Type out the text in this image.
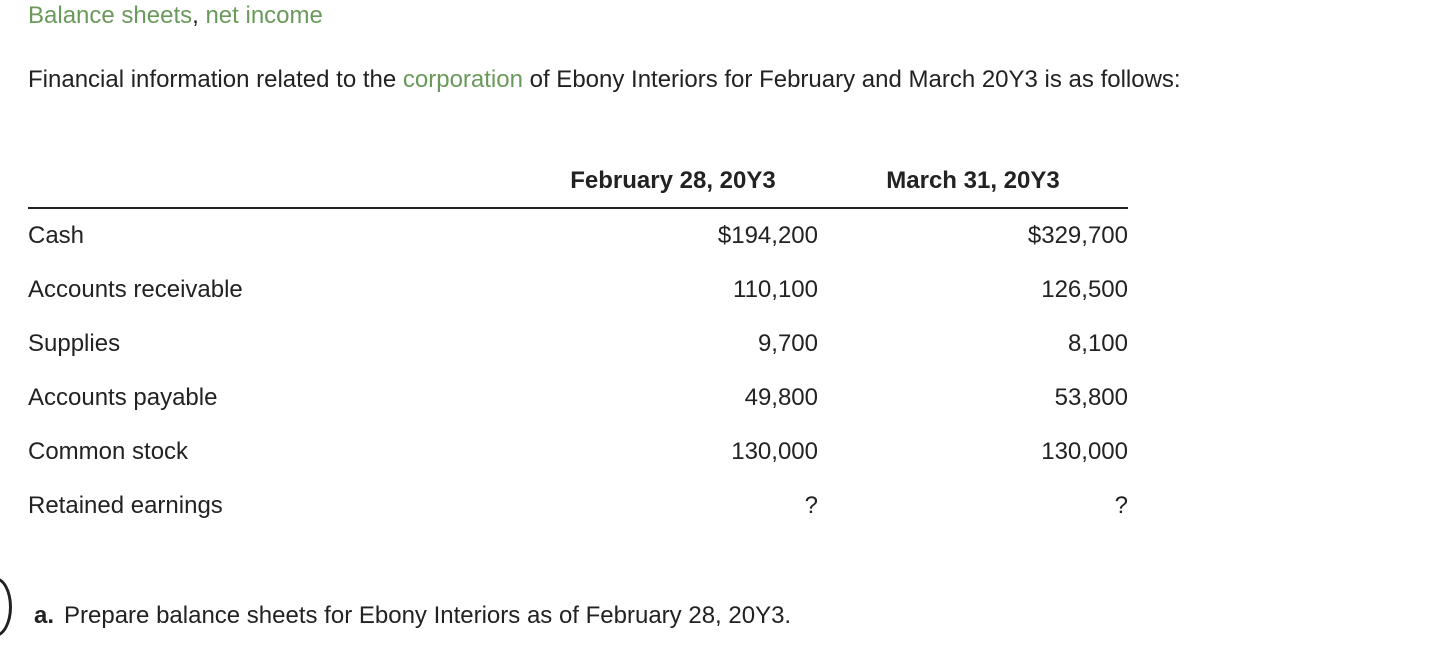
Balance sheets, net income
Financial information related to the corporation of Ebony Interiors for February and March 20Y3 is as follows:
	February 28, 20Y3	March 31, 20Y3
Cash	$194,200	$329,700
Accounts receivable	110,100	126,500
Supplies	9,700	8,100
Accounts payable	49,800	53,800
Common stock	130,000	130,000
Retained earnings	?	?
a. Prepare balance sheets for Ebony Interiors as of February 28, 20Y3.
